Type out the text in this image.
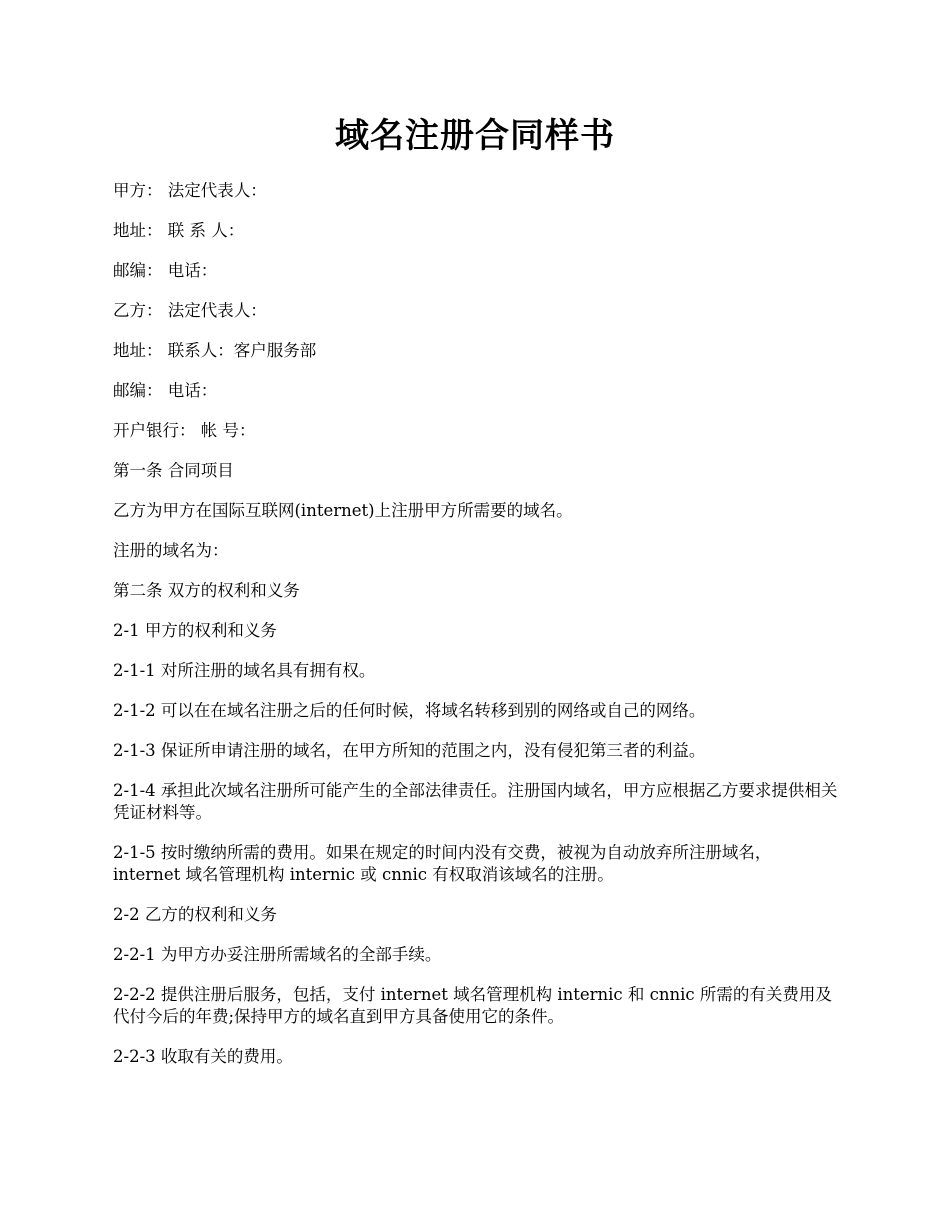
域名注册合同样书

甲方： 法定代表人：

地址： 联 系 人：

邮编： 电话：

乙方： 法定代表人：

地址： 联系人：客户服务部

邮编： 电话：

开户银行： 帐 号：

第一条 合同项目

乙方为甲方在国际互联网(internet)上注册甲方所需要的域名。

注册的域名为：

第二条 双方的权利和义务

2-1 甲方的权利和义务

2-1-1 对所注册的域名具有拥有权。

2-1-2 可以在在域名注册之后的任何时候，将域名转移到别的网络或自己的网络。

2-1-3 保证所申请注册的域名，在甲方所知的范围之内，没有侵犯第三者的利益。

2-1-4 承担此次域名注册所可能产生的全部法律责任。注册国内域名，甲方应根据乙方要求提供相关凭证材料等。

2-1-5 按时缴纳所需的费用。如果在规定的时间内没有交费，被视为自动放弃所注册域名， internet 域名管理机构 internic 或 cnnic 有权取消该域名的注册。

2-2 乙方的权利和义务

2-2-1 为甲方办妥注册所需域名的全部手续。

2-2-2 提供注册后服务，包括，支付 internet 域名管理机构 internic 和 cnnic 所需的有关费用及代付今后的年费;保持甲方的域名直到甲方具备使用它的条件。

2-2-3 收取有关的费用。
